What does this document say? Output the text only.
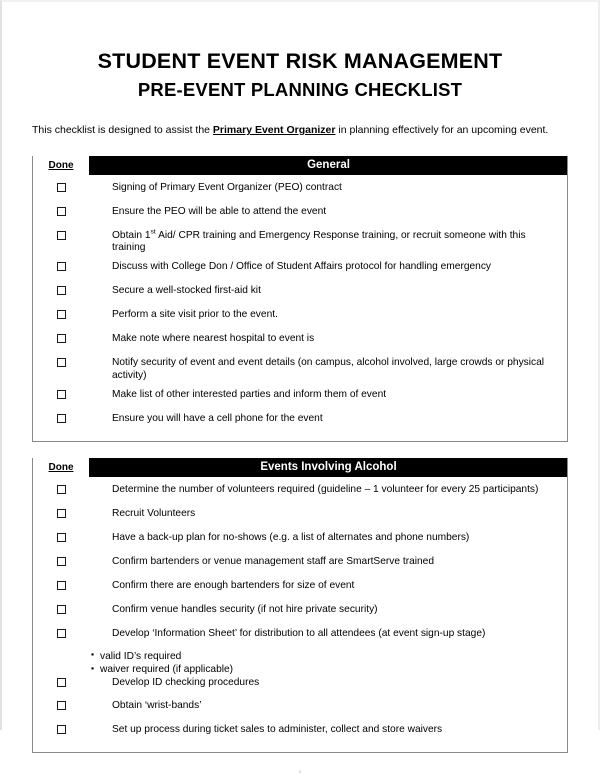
STUDENT EVENT RISK MANAGEMENT
PRE-EVENT PLANNING CHECKLIST

This checklist is designed to assist the Primary Event Organizer in planning effectively for an upcoming event.

Done	General
Signing of Primary Event Organizer (PEO) contract
Ensure the PEO will be able to attend the event
Obtain 1st Aid/ CPR training and Emergency Response training, or recruit someone with this training
Discuss with College Don / Office of Student Affairs protocol for handling emergency
Secure a well-stocked first-aid kit
Perform a site visit prior to the event.
Make note where nearest hospital to event is
Notify security of event and event details (on campus, alcohol involved, large crowds or physical activity)
Make list of other interested parties and inform them of event
Ensure you will have a cell phone for the event
Done	Events Involving Alcohol
Determine the number of volunteers required (guideline – 1 volunteer for every 25 participants)
Recruit Volunteers
Have a back-up plan for no-shows (e.g. a list of alternates and phone numbers)
Confirm bartenders or venue management staff are SmartServe trained
Confirm there are enough bartenders for size of event
Confirm venue handles security (if not hire private security)
Develop ‘Information Sheet’ for distribution to all attendees (at event sign-up stage)
▪ valid ID’s required
▪ waiver required (if applicable)
Develop ID checking procedures
Obtain ‘wrist-bands’
Set up process during ticket sales to administer, collect and store waivers
1
